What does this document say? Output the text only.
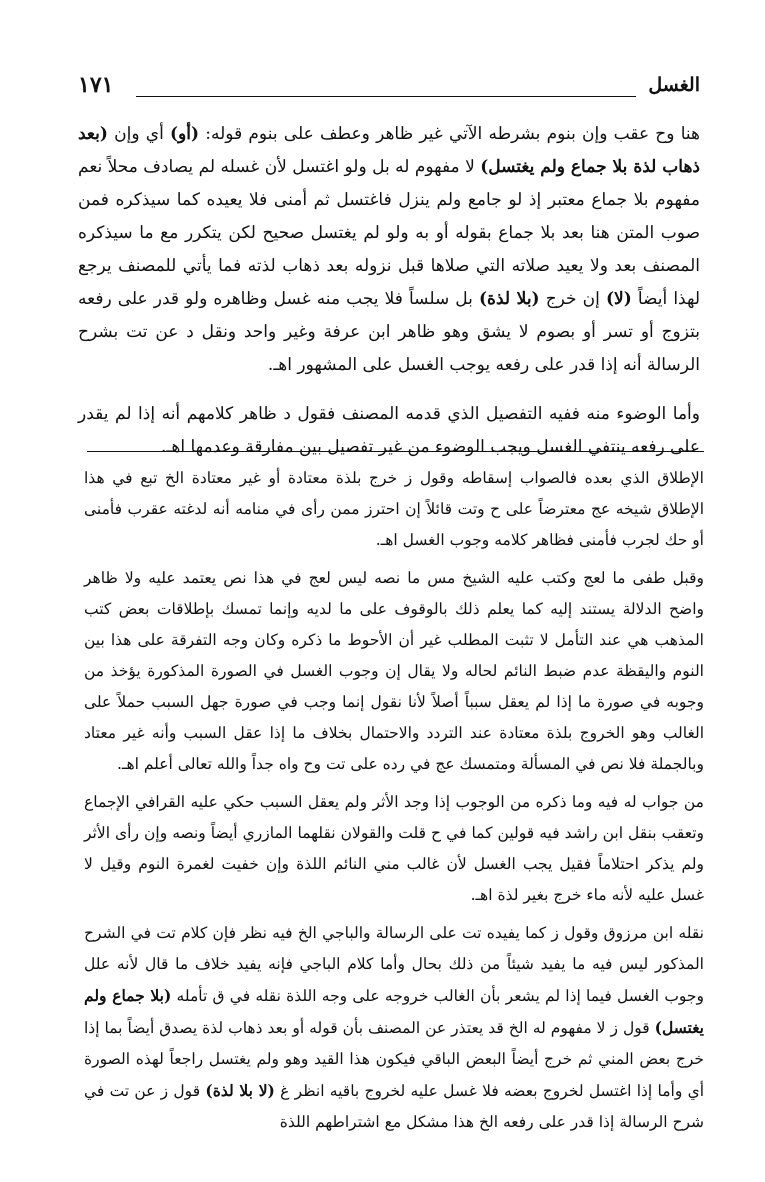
الغسل
١٧١

هنا وح عقب وإن بنوم بشرطه الآتي غير ظاهر وعطف على بنوم قوله: (أو) أي وإن (بعد ذهاب لذة بلا جماع ولم يغتسل) لا مفهوم له بل ولو اغتسل لأن غسله لم يصادف محلاً نعم مفهوم بلا جماع معتبر إذ لو جامع ولم ينزل فاغتسل ثم أمنى فلا يعيده كما سيذكره فمن صوب المتن هنا بعد بلا جماع بقوله أو به ولو لم يغتسل صحيح لكن يتكرر مع ما سيذكره المصنف بعد ولا يعيد صلاته التي صلاها قبل نزوله بعد ذهاب لذته فما يأتي للمصنف يرجع لهذا أيضاً (لا) إن خرج (بلا لذة) بل سلساً فلا يجب منه غسل وظاهره ولو قدر على رفعه بتزوج أو تسر أو بصوم لا يشق وهو ظاهر ابن عرفة وغير واحد ونقل د عن تت بشرح الرسالة أنه إذا قدر على رفعه يوجب الغسل على المشهور اهـ.

وأما الوضوء منه ففيه التفصيل الذي قدمه المصنف فقول د ظاهر كلامهم أنه إذا لم يقدر على رفعه ينتفي الغسل ويجب الوضوء من غير تفصيل بين مفارقة وعدمها اهـ.

الإطلاق الذي بعده فالصواب إسقاطه وقول ز خرج بلذة معتادة أو غير معتادة الخ تبع في هذا الإطلاق شيخه عج معترضاً على ح وتت قائلاً إن احترز ممن رأى في منامه أنه لدغته عقرب فأمنى أو حك لجرب فأمنى فظاهر كلامه وجوب الغسل اهـ.

وقبل طفى ما لعج وكتب عليه الشيخ مس ما نصه ليس لعج في هذا نص يعتمد عليه ولا ظاهر واضح الدلالة يستند إليه كما يعلم ذلك بالوقوف على ما لديه وإنما تمسك بإطلاقات بعض كتب المذهب هي عند التأمل لا تثبت المطلب غير أن الأحوط ما ذكره وكان وجه التفرقة على هذا بين النوم واليقظة عدم ضبط النائم لحاله ولا يقال إن وجوب الغسل في الصورة المذكورة يؤخذ من وجوبه في صورة ما إذا لم يعقل سبباً أصلاً لأنا نقول إنما وجب في صورة جهل السبب حملاً على الغالب وهو الخروج بلذة معتادة عند التردد والاحتمال بخلاف ما إذا عقل السبب وأنه غير معتاد وبالجملة فلا نص في المسألة ومتمسك عج في رده على تت وح واه جداً والله تعالى أعلم اهـ.

من جواب له فيه وما ذكره من الوجوب إذا وجد الأثر ولم يعقل السبب حكي عليه القرافي الإجماع وتعقب بنقل ابن راشد فيه قولين كما في ح قلت والقولان نقلهما المازري أيضاً ونصه وإن رأى الأثر ولم يذكر احتلاماً فقيل يجب الغسل لأن غالب مني النائم اللذة وإن خفيت لغمرة النوم وقيل لا غسل عليه لأنه ماء خرج بغير لذة اهـ.

نقله ابن مرزوق وقول ز كما يفيده تت على الرسالة والباجي الخ فيه نظر فإن كلام تت في الشرح المذكور ليس فيه ما يفيد شيئاً من ذلك بحال وأما كلام الباجي فإنه يفيد خلاف ما قال لأنه علل وجوب الغسل فيما إذا لم يشعر بأن الغالب خروجه على وجه اللذة نقله في ق تأمله (بلا جماع ولم يغتسل) قول ز لا مفهوم له الخ قد يعتذر عن المصنف بأن قوله أو بعد ذهاب لذة يصدق أيضاً بما إذا خرج بعض المني ثم خرج أيضاً البعض الباقي فيكون هذا القيد وهو ولم يغتسل راجعاً لهذه الصورة أي وأما إذا اغتسل لخروج بعضه فلا غسل عليه لخروج باقيه انظر غ (لا بلا لذة) قول ز عن تت في شرح الرسالة إذا قدر على رفعه الخ هذا مشكل مع اشتراطهم اللذة
